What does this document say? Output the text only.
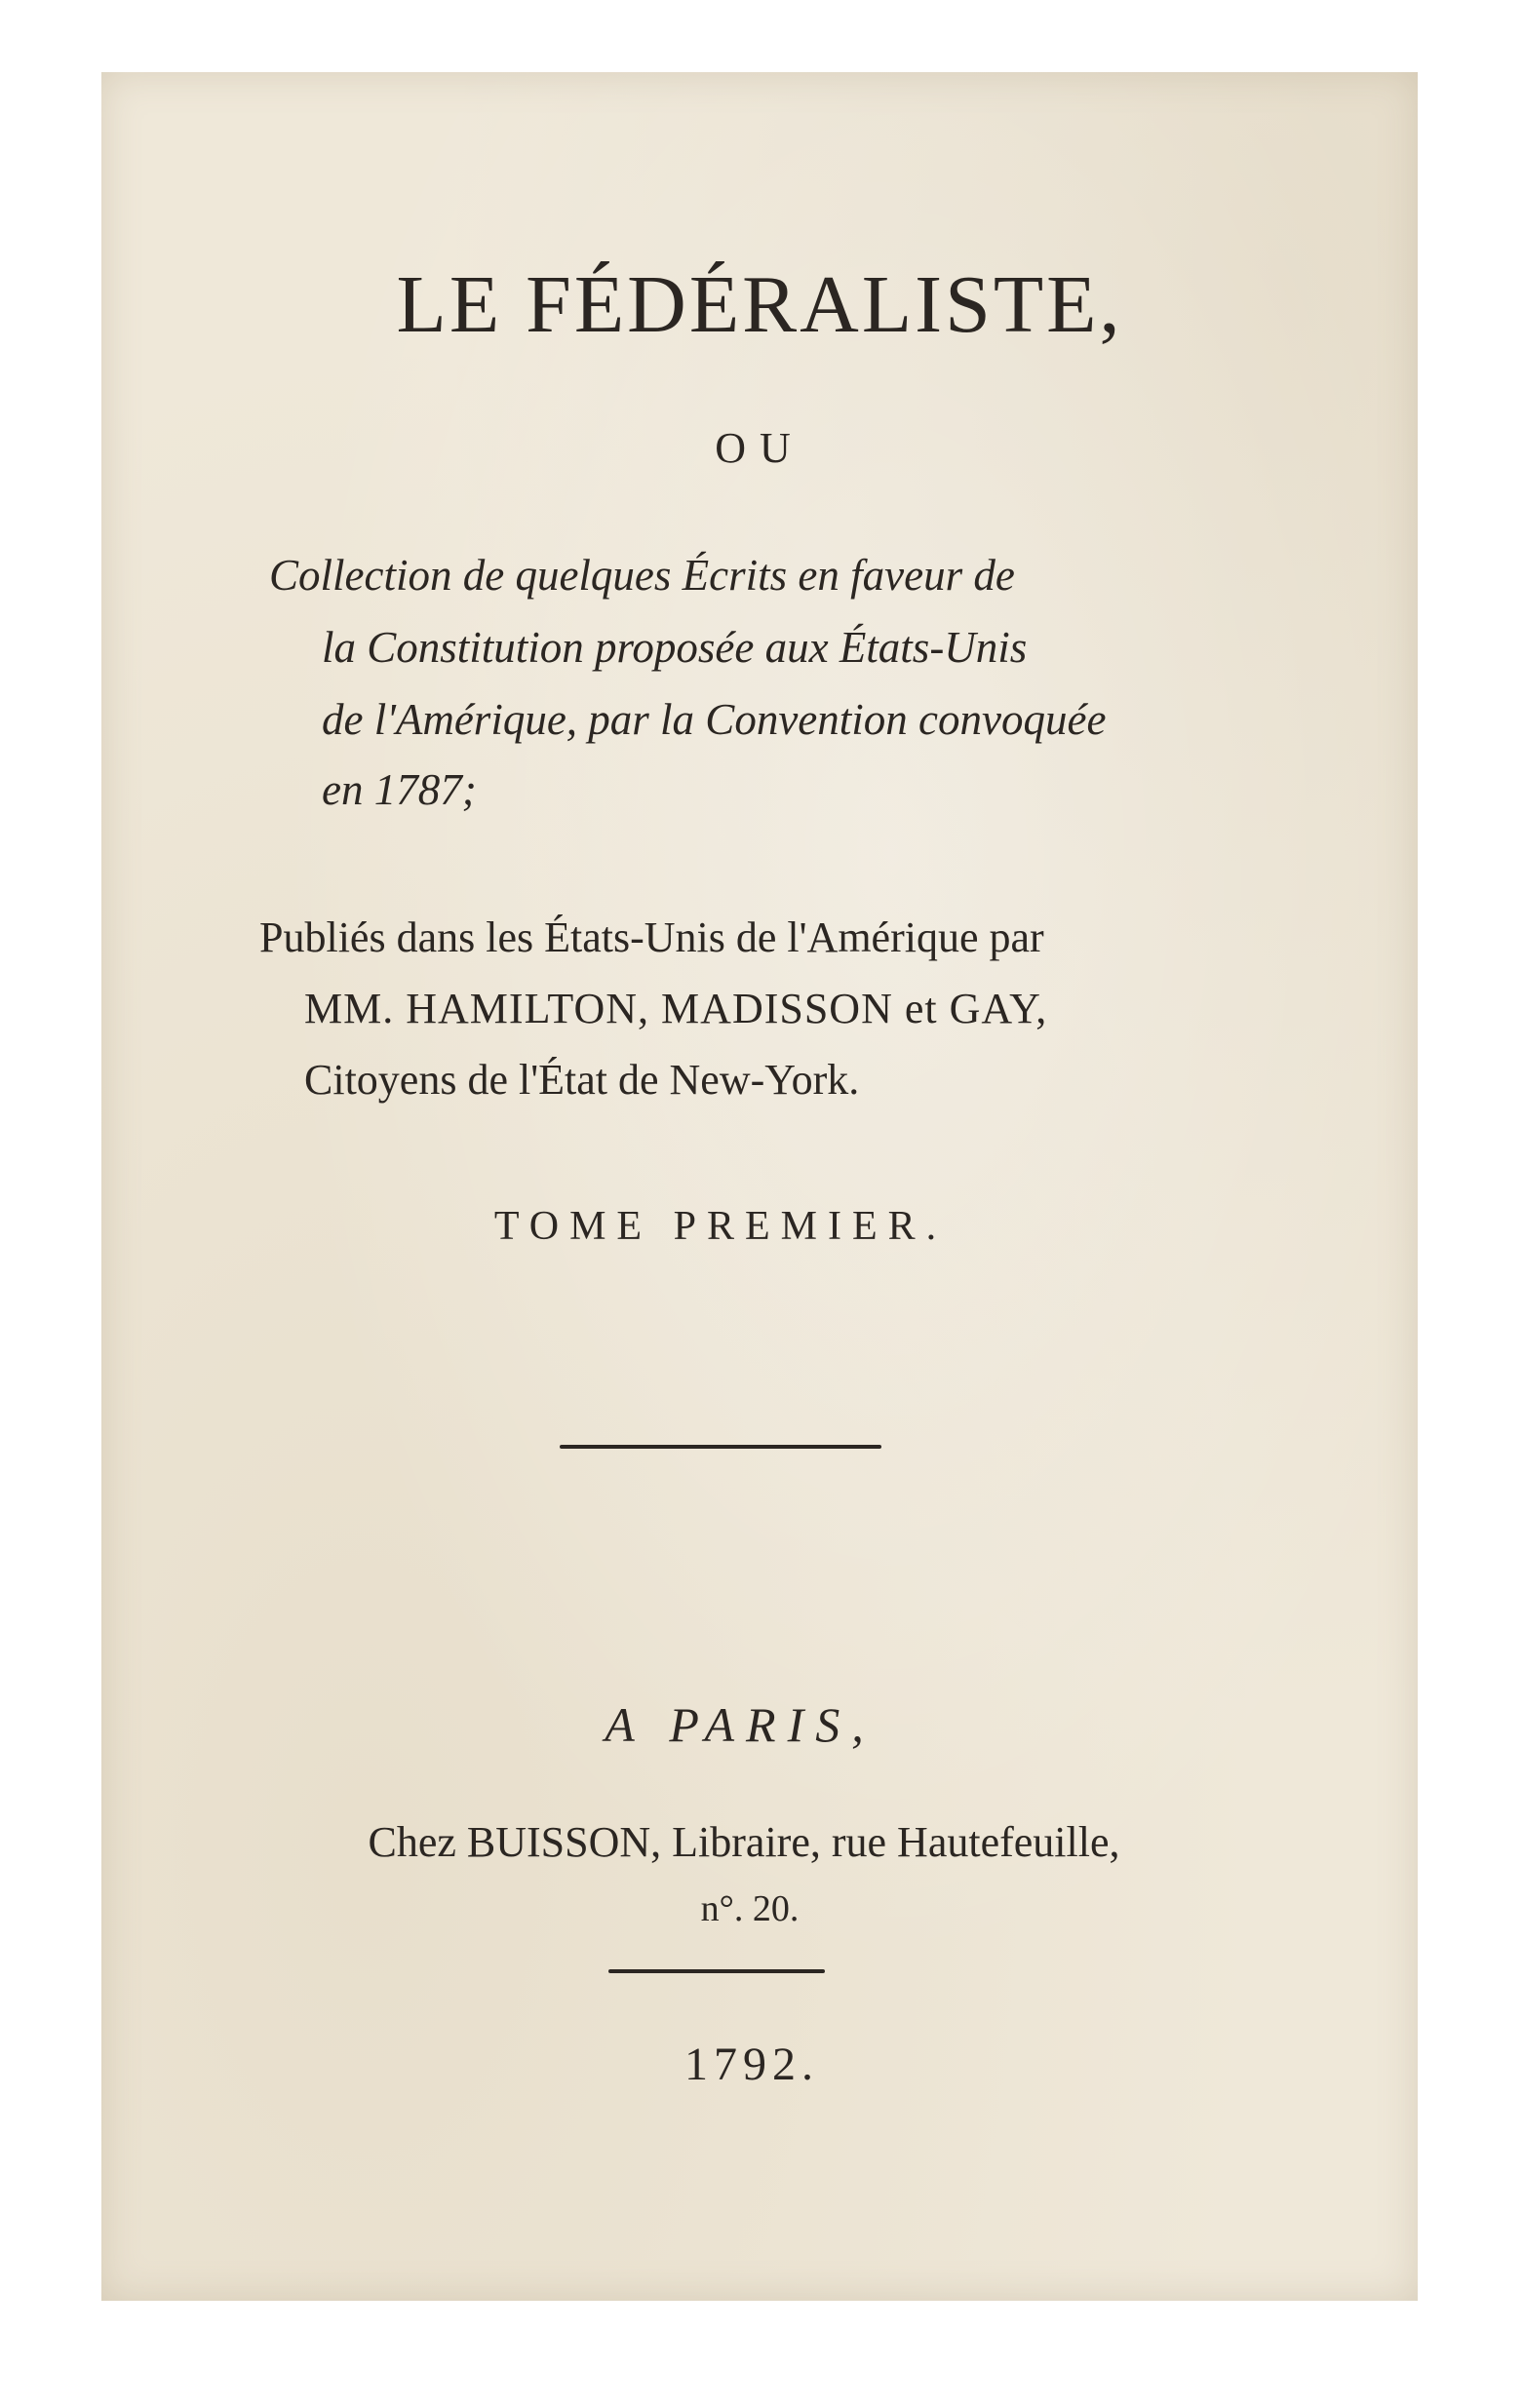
LE FÉDÉRALISTE,
OU
Collection de quelques Écrits en faveur de
la Constitution proposée aux États-Unis
de l'Amérique, par la Convention convoquée
en 1787;
Publiés dans les États-Unis de l'Amérique par
MM. HAMILTON, MADISSON et GAY,
Citoyens de l'État de New-York.
TOME PREMIER.
A PARIS,
Chez BUISSON, Libraire, rue Hautefeuille,
n°. 20.
1792.
